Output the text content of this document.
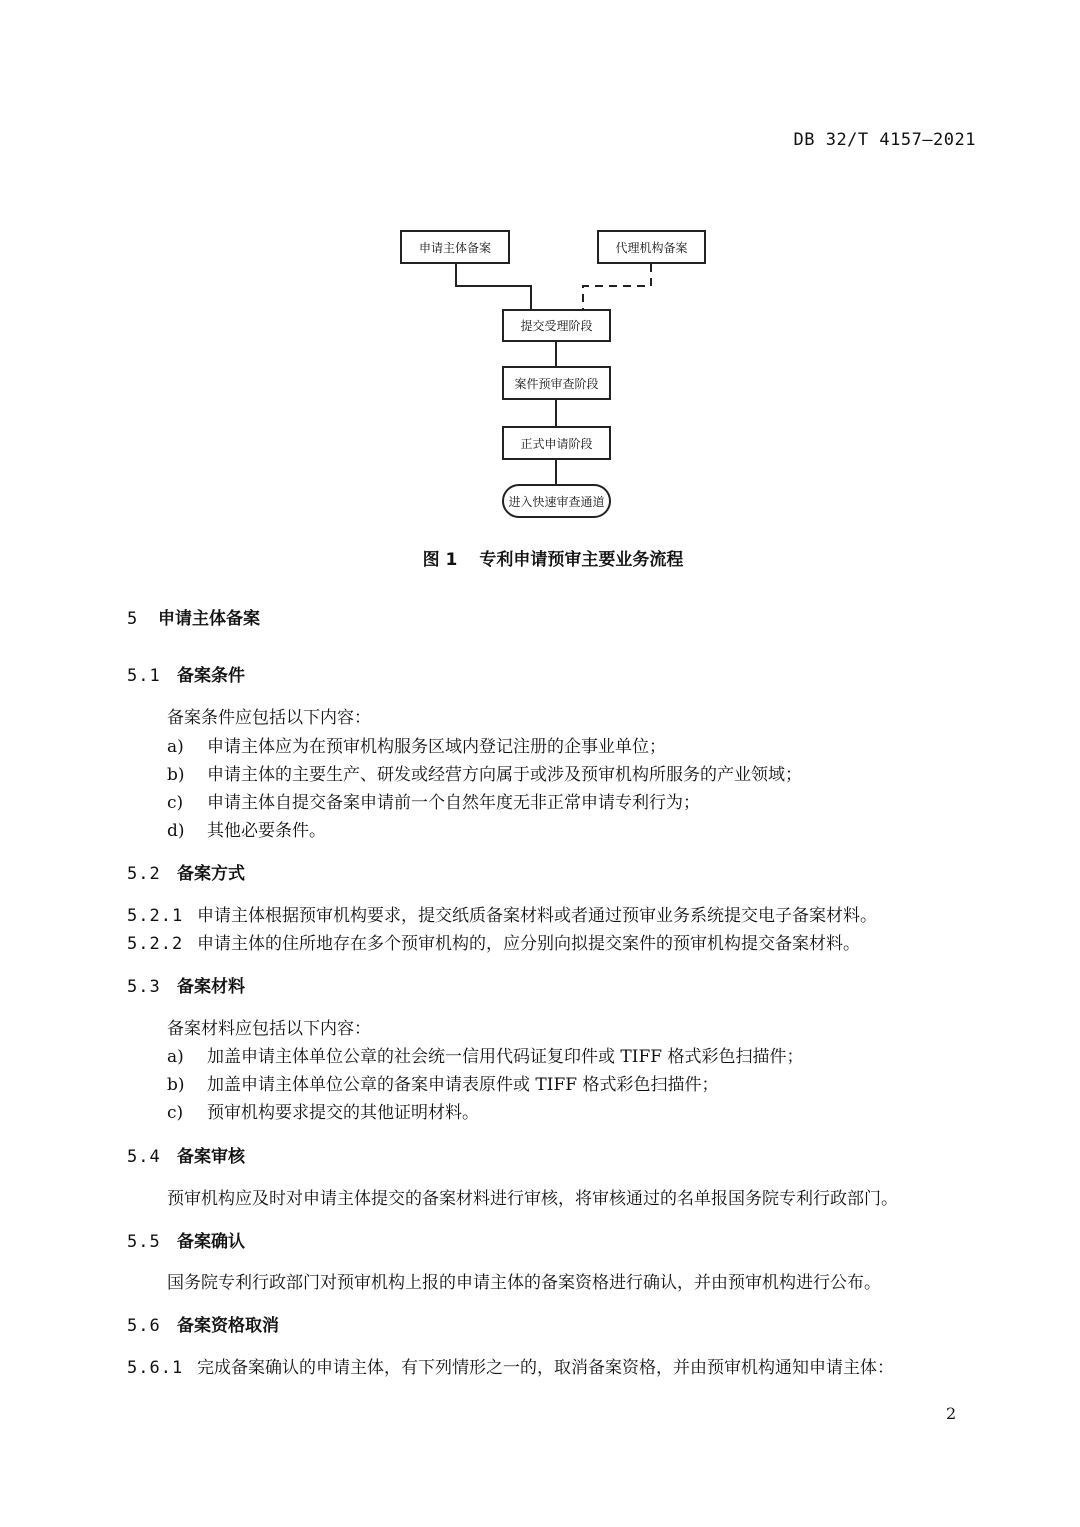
DB 32/T 4157—2021
申请主体备案	代理机构备案
提交受理阶段
案件预审查阶段
正式申请阶段
进入快速审查通道
图 1 专利申请预审主要业务流程
5 申请主体备案
5.1 备案条件
备案条件应包括以下内容：
a) 申请主体应为在预审机构服务区域内登记注册的企事业单位；
b) 申请主体的主要生产、研发或经营方向属于或涉及预审机构所服务的产业领域；
c) 申请主体自提交备案申请前一个自然年度无非正常申请专利行为；
d) 其他必要条件。
5.2 备案方式
5.2.1 申请主体根据预审机构要求，提交纸质备案材料或者通过预审业务系统提交电子备案材料。
5.2.2 申请主体的住所地存在多个预审机构的，应分别向拟提交案件的预审机构提交备案材料。
5.3 备案材料
备案材料应包括以下内容：
a) 加盖申请主体单位公章的社会统一信用代码证复印件或 TIFF 格式彩色扫描件；
b) 加盖申请主体单位公章的备案申请表原件或 TIFF 格式彩色扫描件；
c) 预审机构要求提交的其他证明材料。
5.4 备案审核
预审机构应及时对申请主体提交的备案材料进行审核，将审核通过的名单报国务院专利行政部门。
5.5 备案确认
国务院专利行政部门对预审机构上报的申请主体的备案资格进行确认，并由预审机构进行公布。
5.6 备案资格取消
5.6.1 完成备案确认的申请主体，有下列情形之一的，取消备案资格，并由预审机构通知申请主体：
2
